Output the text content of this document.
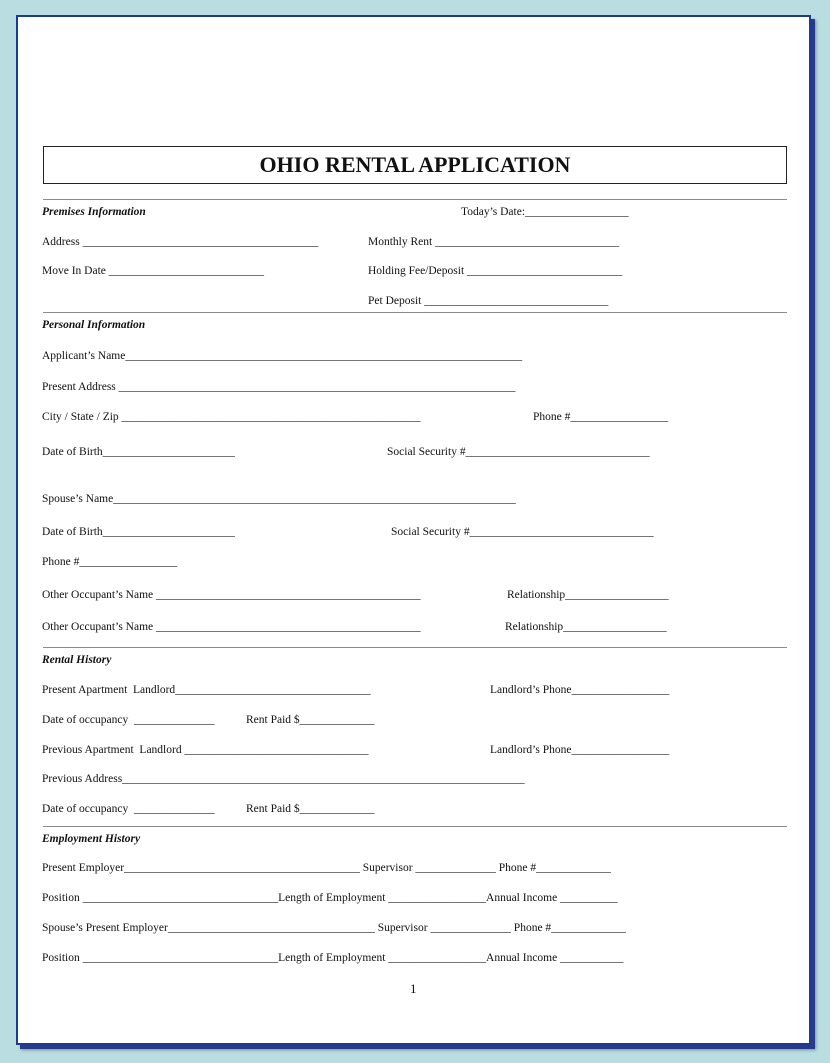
OHIO RENTAL APPLICATION
Premises Information	Today’s Date:__________________
Address _________________________________________	Monthly Rent ________________________________
Move In Date ___________________________	Holding Fee/Deposit ___________________________
Pet Deposit ________________________________
Personal Information
Applicant’s Name_____________________________________________________________________
Present Address _____________________________________________________________________
City / State / Zip ____________________________________________________	Phone #_________________
Date of Birth_______________________	Social Security #________________________________
Spouse’s Name______________________________________________________________________
Date of Birth_______________________	Social Security #________________________________
Phone #_________________
Other Occupant’s Name ______________________________________________	Relationship__________________
Other Occupant’s Name ______________________________________________	Relationship__________________
Rental History
Present Apartment  Landlord__________________________________	Landlord’s Phone_________________
Date of occupancy  ______________	Rent Paid $_____________
Previous Apartment  Landlord ________________________________	Landlord’s Phone_________________
Previous Address______________________________________________________________________
Date of occupancy  ______________	Rent Paid $_____________
Employment History
Present Employer_________________________________________ Supervisor ______________ Phone #_____________
Position __________________________________Length of Employment _________________Annual Income __________
Spouse’s Present Employer____________________________________ Supervisor ______________ Phone #_____________
Position __________________________________Length of Employment _________________Annual Income ___________
1
